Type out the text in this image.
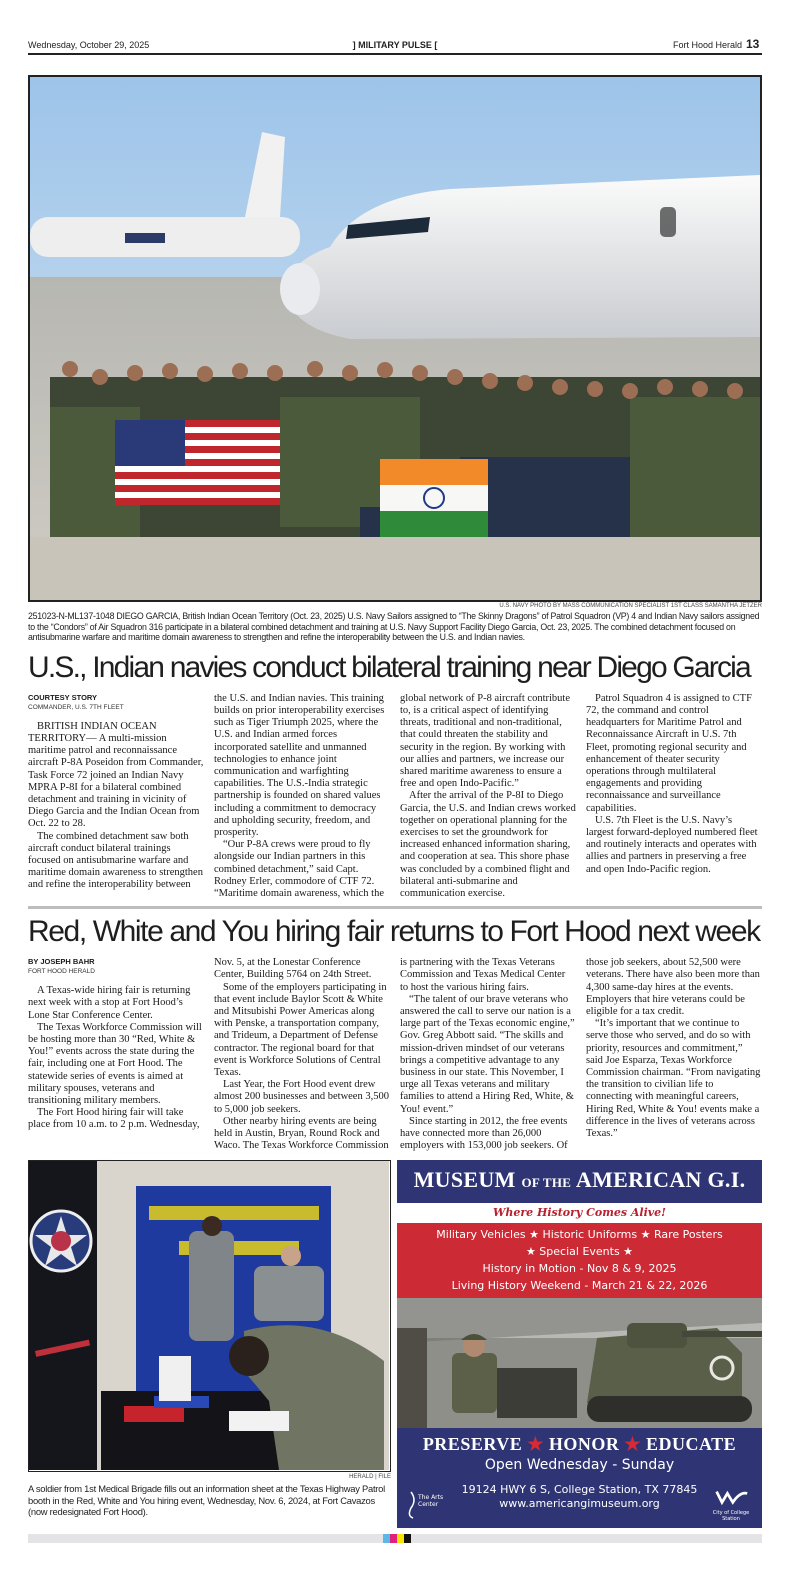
Wednesday, October 29, 2025	] MILITARY PULSE [	Fort Hood Herald 13
U.S. NAVY PHOTO BY MASS COMMUNICATION SPECIALIST 1ST CLASS SAMANTHA JETZER
251023-N-ML137-1048 DIEGO GARCIA, British Indian Ocean Territory (Oct. 23, 2025) U.S. Navy Sailors assigned to “The Skinny Dragons” of Patrol Squadron (VP) 4 and Indian Navy sailors assigned to the “Condors” of Air Squadron 316 participate in a bilateral combined detachment and training at U.S. Navy Support Facility Diego Garcia, Oct. 23, 2025. The combined detachment focused on antisubmarine warfare and maritime domain awareness to strengthen and refine the interoperability between the U.S. and Indian navies.
U.S., Indian navies conduct bilateral training near Diego Garcia
COURTESY STORY
COMMANDER, U.S. 7TH FLEET

BRITISH INDIAN OCEAN TERRITORY— A multi-mission maritime patrol and reconnaissance aircraft P-8A Poseidon from Commander, Task Force 72 joined an Indian Navy MPRA P-8I for a bilateral combined detachment and training in vicinity of Diego Garcia and the Indian Ocean from Oct. 22 to 28.

The combined detachment saw both aircraft conduct bilateral trainings focused on antisubmarine warfare and maritime domain awareness to strengthen and refine the interoperability between the U.S. and Indian navies. This training builds on prior interoperability exercises such as Tiger Triumph 2025, where the U.S. and Indian armed forces incorporated satellite and unmanned technologies to enhance joint communication and warfighting capabilities. The U.S.-India strategic partnership is founded on shared values including a commitment to democracy and upholding security, freedom, and prosperity.

“Our P-8A crews were proud to fly alongside our Indian partners in this combined detachment,” said Capt. Rodney Erler, commodore of CTF 72. “Maritime domain awareness, which the global network of P-8 aircraft contribute to, is a critical aspect of identifying threats, traditional and non-traditional, that could threaten the stability and security in the region. By working with our allies and partners, we increase our shared maritime awareness to ensure a free and open Indo-Pacific.”

After the arrival of the P-8I to Diego Garcia, the U.S. and Indian crews worked together on operational planning for the exercises to set the groundwork for increased enhanced information sharing, and cooperation at sea. This shore phase was concluded by a combined flight and bilateral anti-submarine and communication exercise.

Patrol Squadron 4 is assigned to CTF 72, the command and control headquarters for Maritime Patrol and Reconnaissance Aircraft in U.S. 7th Fleet, promoting regional security and enhancement of theater security operations through multilateral engagements and providing reconnaissance and surveillance capabilities.

U.S. 7th Fleet is the U.S. Navy’s largest forward-deployed numbered fleet and routinely interacts and operates with allies and partners in preserving a free and open Indo-Pacific region.

Red, White and You hiring fair returns to Fort Hood next week
BY JOSEPH BAHR
FORT HOOD HERALD

A Texas-wide hiring fair is returning next week with a stop at Fort Hood’s Lone Star Conference Center.

The Texas Workforce Commission will be hosting more than 30 “Red, White & You!” events across the state during the fair, including one at Fort Hood. The statewide series of events is aimed at military spouses, veterans and transitioning military members.

The Fort Hood hiring fair will take place from 10 a.m. to 2 p.m. Wednesday, Nov. 5, at the Lonestar Conference Center, Building 5764 on 24th Street.

Some of the employers participating in that event include Baylor Scott & White and Mitsubishi Power Americas along with Penske, a transportation company, and Trideum, a Department of Defense contractor. The regional board for that event is Workforce Solutions of Central Texas.

Last Year, the Fort Hood event drew almost 200 businesses and between 3,500 to 5,000 job seekers.

Other nearby hiring events are being held in Austin, Bryan, Round Rock and Waco. The Texas Workforce Commission is partnering with the Texas Veterans Commission and Texas Medical Center to host the various hiring fairs.

“The talent of our brave veterans who answered the call to serve our nation is a large part of the Texas economic engine,” Gov. Greg Abbott said. “The skills and mission-driven mindset of our veterans brings a competitive advantage to any business in our state. This November, I urge all Texas veterans and military families to attend a Hiring Red, White, & You! event.”

Since starting in 2012, the free events have connected more than 26,000 employers with 153,000 job seekers. Of those job seekers, about 52,500 were veterans. There have also been more than 4,300 same-day hires at the events. Employers that hire veterans could be eligible for a tax credit.

“It’s important that we continue to serve those who served, and do so with priority, resources and commitment,” said Joe Esparza, Texas Workforce Commission chairman. “From navigating the transition to civilian life to connecting with meaningful careers, Hiring Red, White & You! events make a difference in the lives of veterans across Texas.”

HERALD | FILE
A soldier from 1st Medical Brigade fills out an information sheet at the Texas Highway Patrol booth in the Red, White and You hiring event, Wednesday, Nov. 6, 2024, at Fort Cavazos (now redesignated Fort Hood).
MUSEUM OF THE AMERICAN G.I.
Where History Comes Alive!
Military Vehicles ★ Historic Uniforms ★ Rare Posters
★ Special Events ★
History in Motion - Nov 8 & 9, 2025
Living History Weekend - March 21 & 22, 2026
PRESERVE ★ HONOR ★ EDUCATE
Open Wednesday - Sunday
19124 HWY 6 S, College Station, TX 77845
www.americangimuseum.org
The Arts Center
City of College Station
